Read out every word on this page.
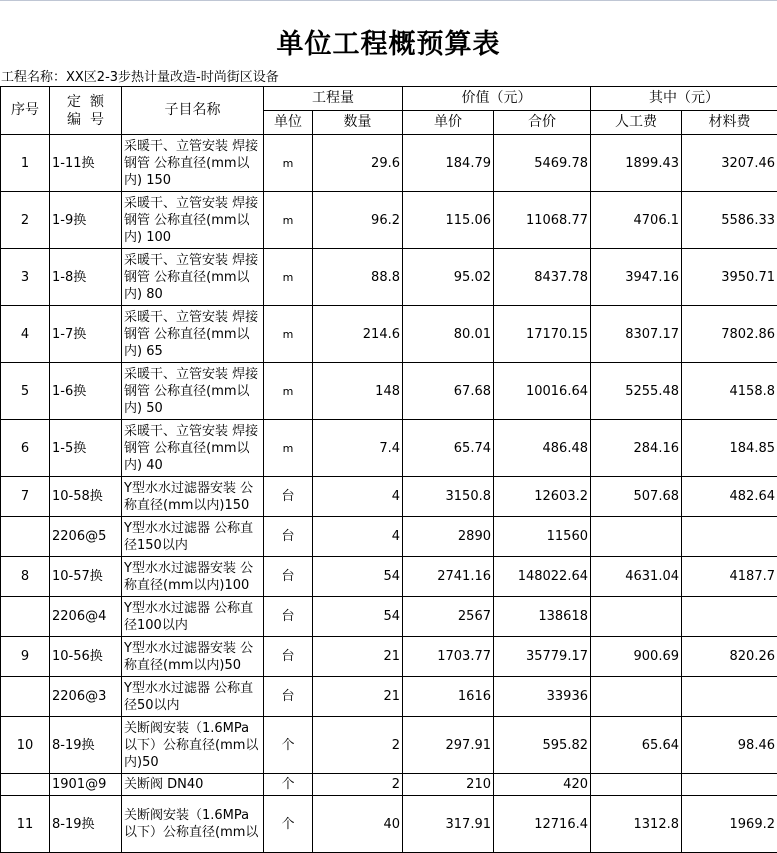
单位工程概预算表
工程名称：XX区2-3步热计量改造-时尚街区设备
序号	定  额
编  号	子目名称	工程量		价值（元）		其中（元）	
			单位	数量	单价	合价	人工费	材料费
1	1-11换	采暖干、立管安装 焊接钢管 公称直径(mm以内) 150	m	29.6	184.79	5469.78	1899.43	3207.46
2	1-9换	采暖干、立管安装 焊接钢管 公称直径(mm以内) 100	m	96.2	115.06	11068.77	4706.1	5586.33
3	1-8换	采暖干、立管安装 焊接钢管 公称直径(mm以内) 80	m	88.8	95.02	8437.78	3947.16	3950.71
4	1-7换	采暖干、立管安装 焊接钢管 公称直径(mm以内) 65	m	214.6	80.01	17170.15	8307.17	7802.86
5	1-6换	采暖干、立管安装 焊接钢管 公称直径(mm以内) 50	m	148	67.68	10016.64	5255.48	4158.8
6	1-5换	采暖干、立管安装 焊接钢管 公称直径(mm以内) 40	m	7.4	65.74	486.48	284.16	184.85
7	10-58换	Y型水水过滤器安装 公称直径(mm以内)150	台	4	3150.8	12603.2	507.68	482.64
	2206@5	Y型水水过滤器 公称直径150以内	台	4	2890	11560		
8	10-57换	Y型水水过滤器安装 公称直径(mm以内)100	台	54	2741.16	148022.64	4631.04	4187.7
	2206@4	Y型水水过滤器 公称直径100以内	台	54	2567	138618		
9	10-56换	Y型水水过滤器安装 公称直径(mm以内)50	台	21	1703.77	35779.17	900.69	820.26
	2206@3	Y型水水过滤器 公称直径50以内	台	21	1616	33936		
10	8-19换	关断阀安装（1.6MPa以下）公称直径(mm以内)50	个	2	297.91	595.82	65.64	98.46
	1901@9	关断阀 DN40	个	2	210	420		
11	8-19换	关断阀安装（1.6MPa以下）公称直径(mm以	个	40	317.91	12716.4	1312.8	1969.2
